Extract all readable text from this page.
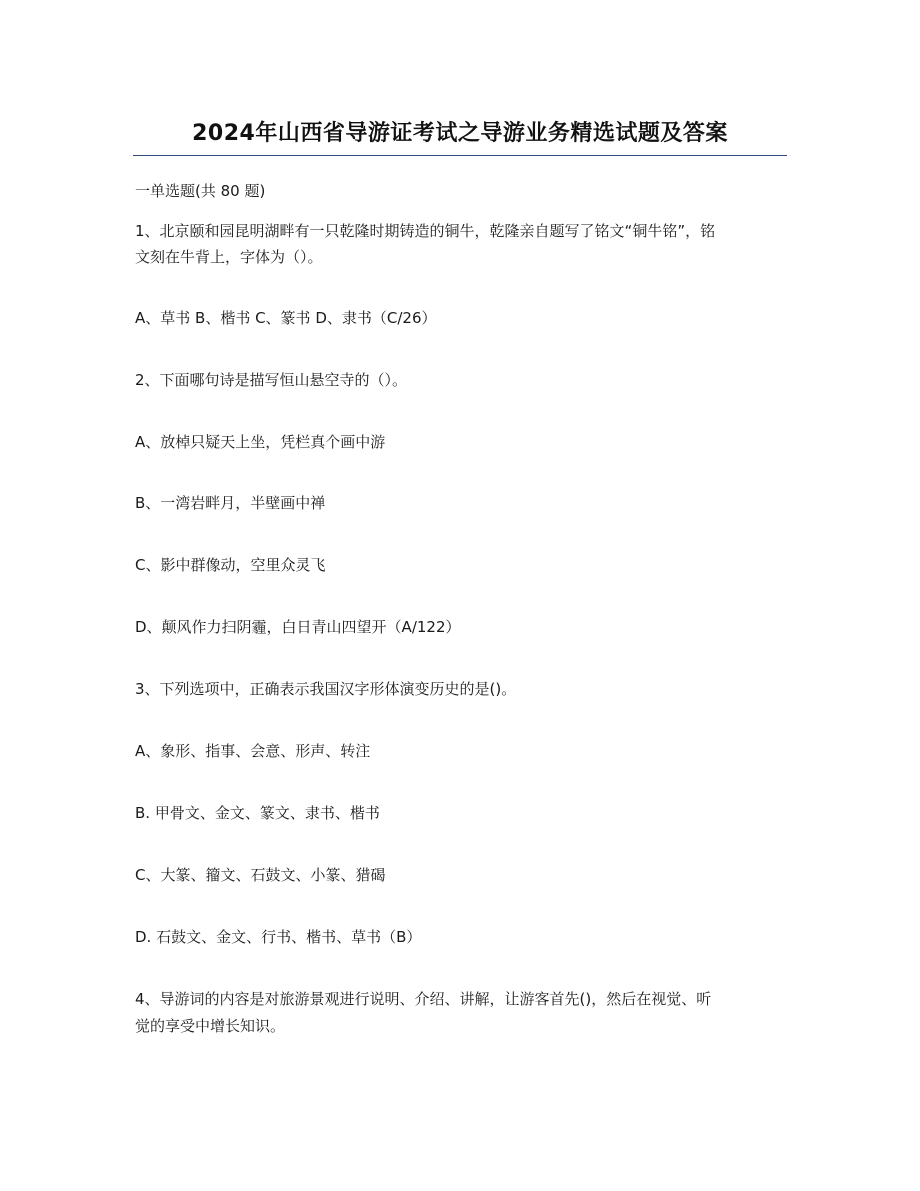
2024年山西省导游证考试之导游业务精选试题及答案
一单选题(共 80 题)
1、北京颐和园昆明湖畔有一只乾隆时期铸造的铜牛，乾隆亲自题写了铭文“铜牛铭”，铭
文刻在牛背上，字体为（）。
A、草书 B、楷书 C、篆书 D、隶书（C/26）
2、下面哪句诗是描写恒山悬空寺的（）。
A、放棹只疑天上坐，凭栏真个画中游
B、一湾岩畔月，半壁画中禅
C、影中群像动，空里众灵飞
D、颠风作力扫阴霾，白日青山四望开（A/122）
3、下列选项中，正确表示我国汉字形体演变历史的是()。
A、象形、指事、会意、形声、转注
B. 甲骨文、金文、篆文、隶书、楷书
C、大篆、籀文、石鼓文、小篆、猎碣
D. 石鼓文、金文、行书、楷书、草书（B）
4、导游词的内容是对旅游景观进行说明、介绍、讲解，让游客首先()，然后在视觉、听
觉的享受中增长知识。
